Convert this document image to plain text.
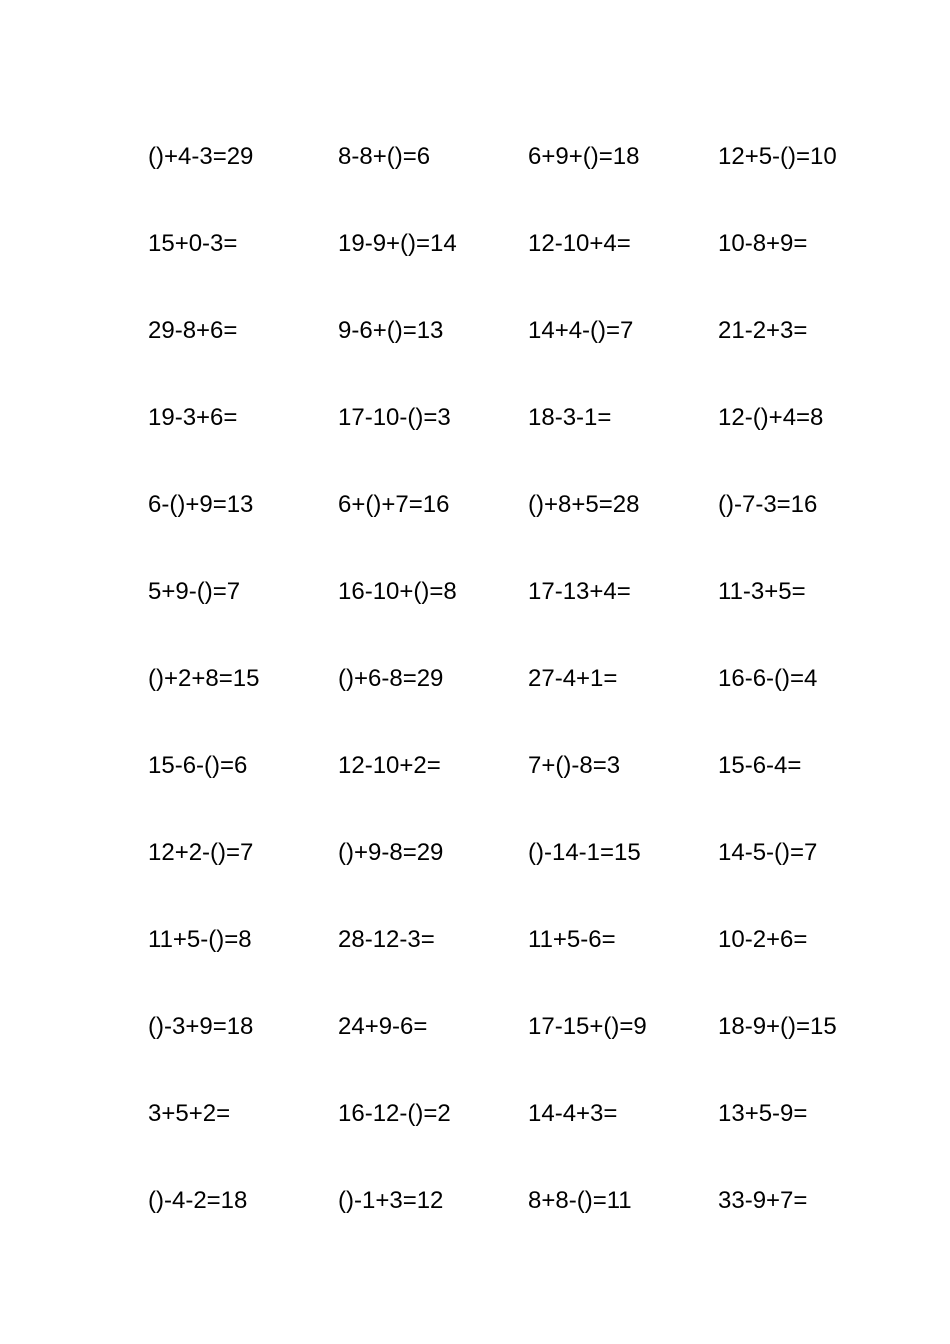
()+4-3=29	8-8+()=6	6+9+()=18	12+5-()=10
15+0-3=	19-9+()=14	12-10+4=	10-8+9=
29-8+6=	9-6+()=13	14+4-()=7	21-2+3=
19-3+6=	17-10-()=3	18-3-1=	12-()+4=8
6-()+9=13	6+()+7=16	()+8+5=28	()-7-3=16
5+9-()=7	16-10+()=8	17-13+4=	11-3+5=
()+2+8=15	()+6-8=29	27-4+1=	16-6-()=4
15-6-()=6	12-10+2=	7+()-8=3	15-6-4=
12+2-()=7	()+9-8=29	()-14-1=15	14-5-()=7
11+5-()=8	28-12-3=	11+5-6=	10-2+6=
()-3+9=18	24+9-6=	17-15+()=9	18-9+()=15
3+5+2=	16-12-()=2	14-4+3=	13+5-9=
()-4-2=18	()-1+3=12	8+8-()=11	33-9+7=
